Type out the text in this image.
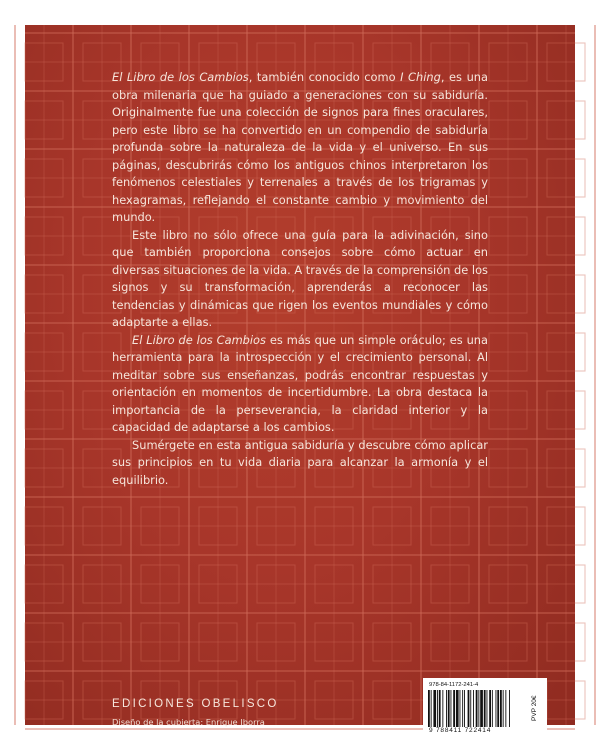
El Libro de los Cambios, también conocido como I Ching, es una obra milenaria que ha guiado a generaciones con su sabiduría. Originalmente fue una colección de signos para fines oraculares, pero este libro se ha convertido en un compendio de sabiduría profunda sobre la naturaleza de la vida y el universo. En sus páginas, descubrirás cómo los antiguos chinos interpretaron los fenómenos celestiales y terrenales a través de los trigramas y hexagramas, reflejando el constante cambio y movimiento del mundo.

Este libro no sólo ofrece una guía para la adivinación, sino que también proporciona consejos sobre cómo actuar en diversas situaciones de la vida. A través de la comprensión de los signos y su transformación, aprenderás a reconocer las tendencias y dinámicas que rigen los eventos mundiales y cómo adaptarte a ellas.

El Libro de los Cambios es más que un simple oráculo; es una herramienta para la introspección y el crecimiento personal. Al meditar sobre sus enseñanzas, podrás encontrar respuestas y orientación en momentos de incertidumbre. La obra destaca la importancia de la perseverancia, la claridad interior y la capacidad de adaptarse a los cambios.

Sumérgete en esta antigua sabiduría y descubre cómo aplicar sus principios en tu vida diaria para alcanzar la armonía y el equilibrio.

EDICIONES OBELISCO
Diseño de la cubierta: Enrique Iborra
978-84-1172-241-4
9 788411 722414
PVP 20€
